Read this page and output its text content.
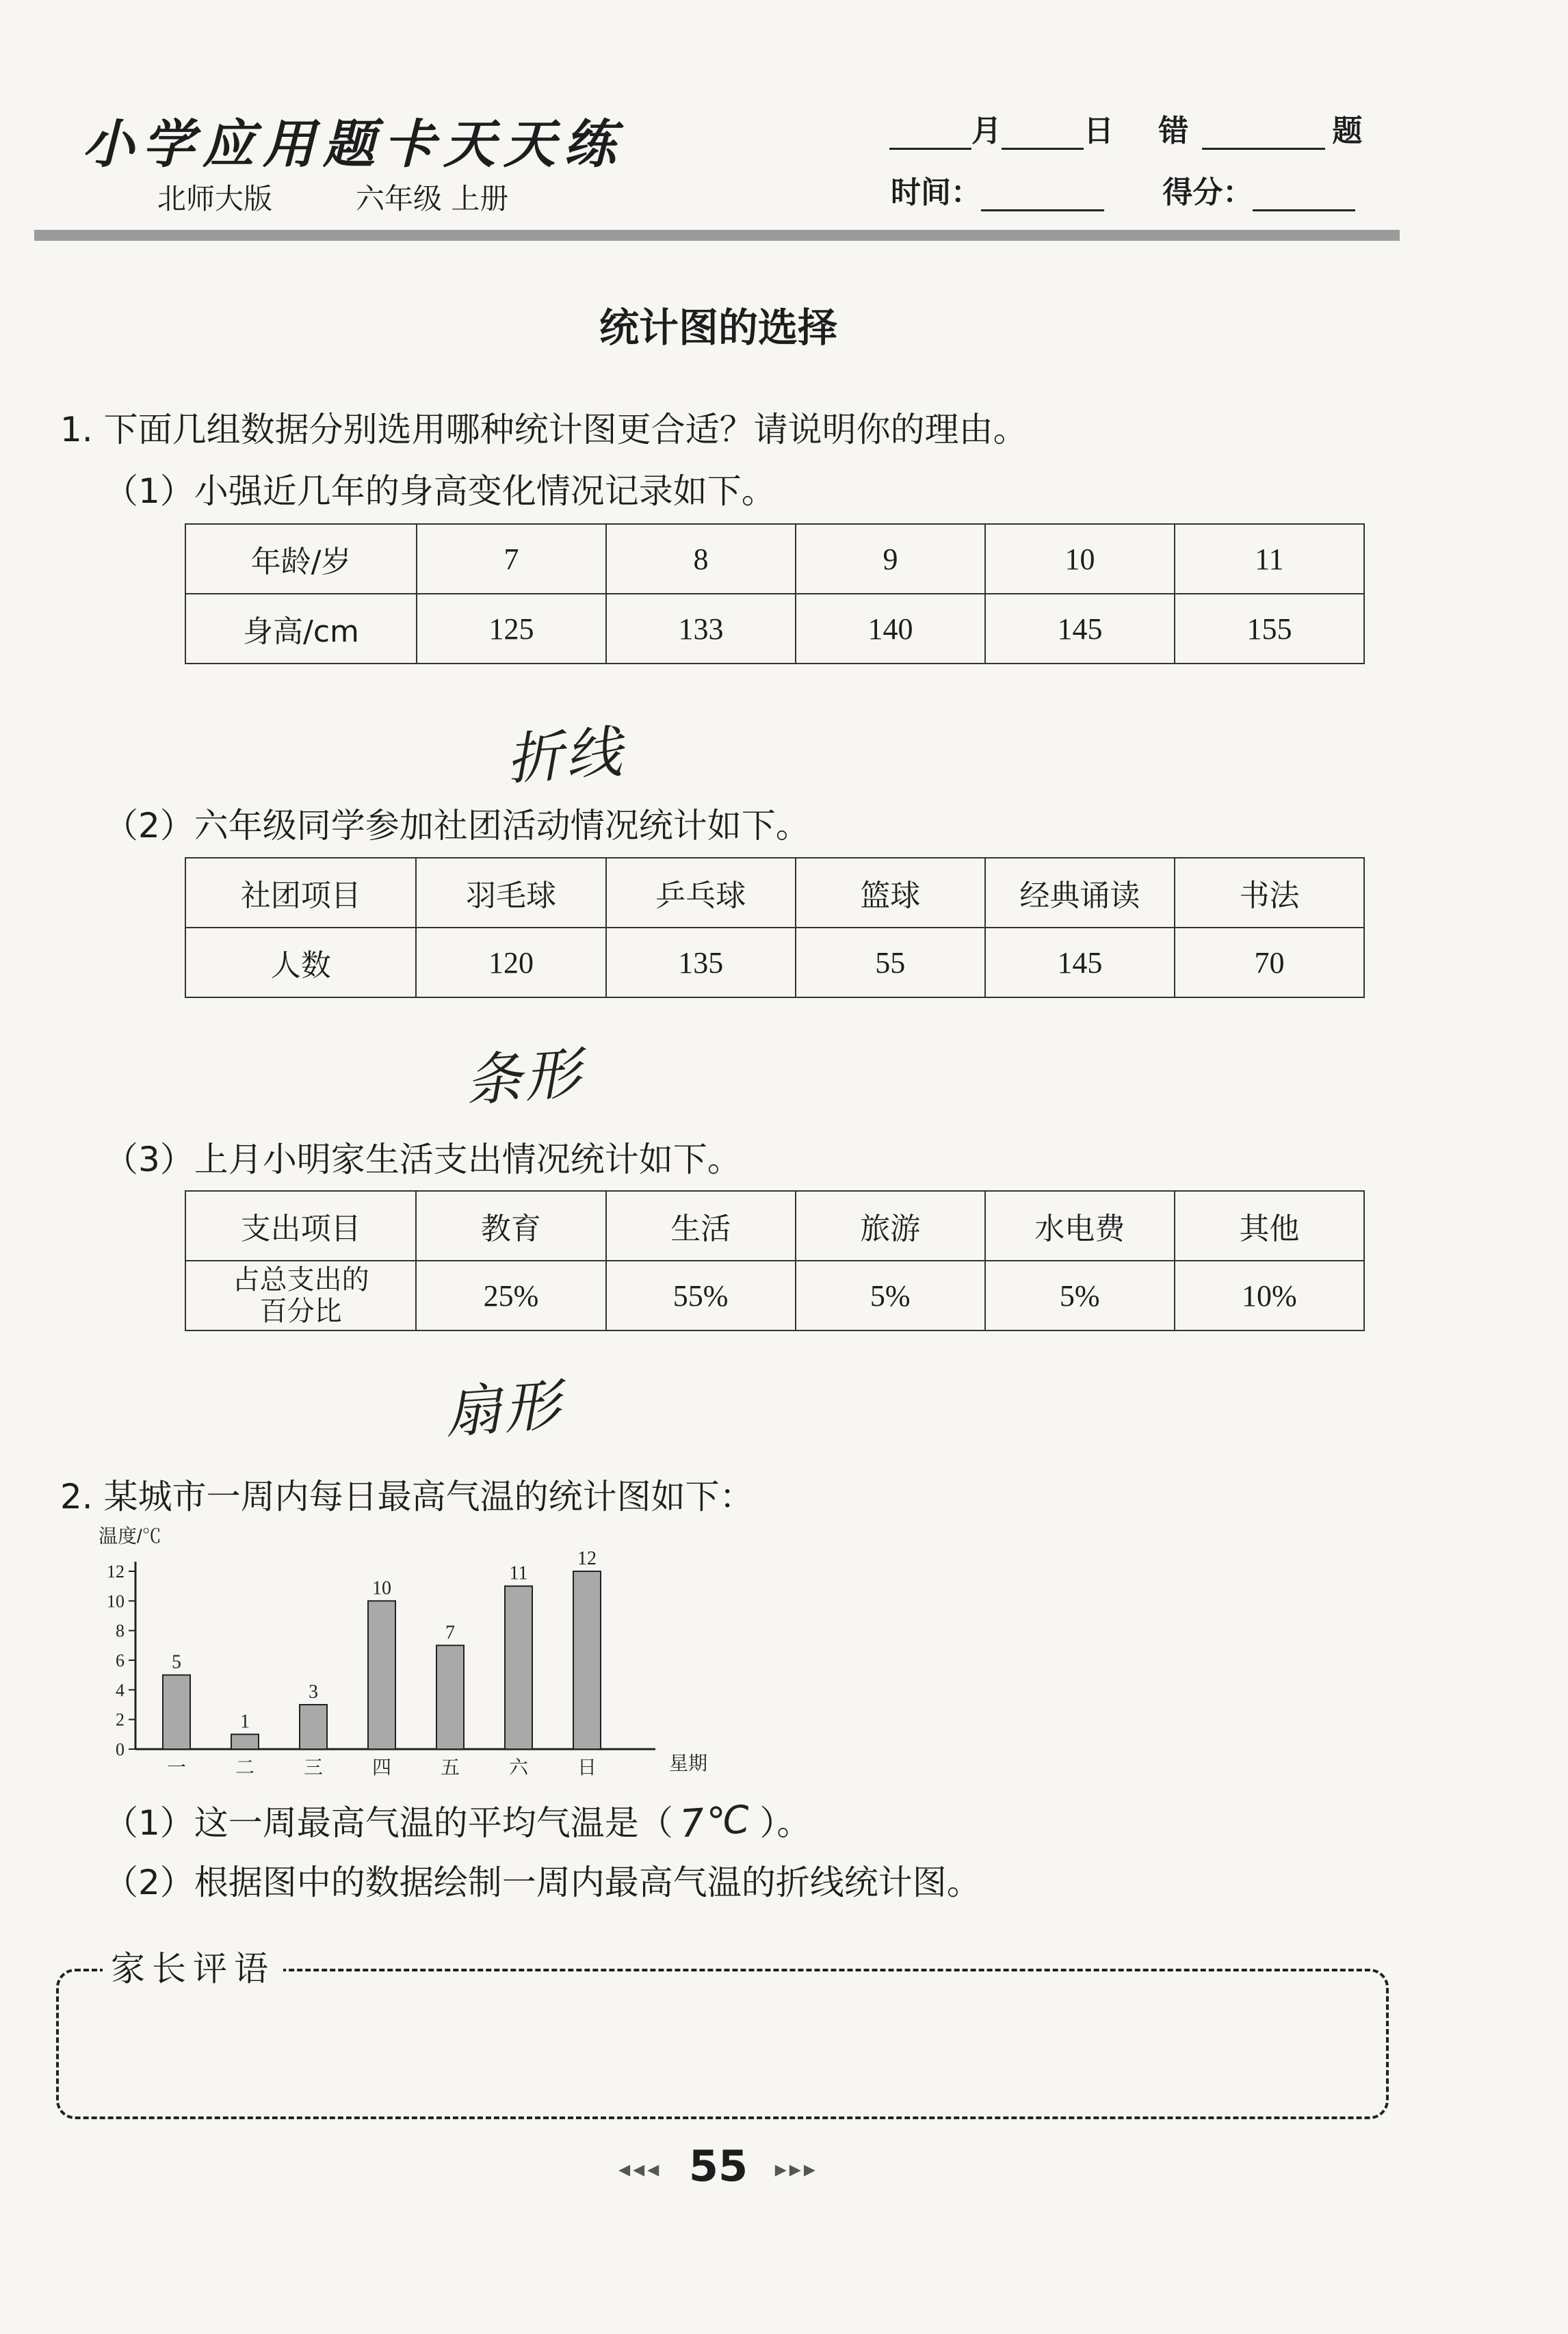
小学应用题卡天天练
北师大版	六年级 上册
月	日 错	题
时间：	得分：
统计图的选择
1. 下面几组数据分别选用哪种统计图更合适？请说明你的理由。
（1）小强近几年的身高变化情况记录如下。
年龄/岁	7	8	9	10	11
身高/cm	125	133	140	145	155
折线
（2）六年级同学参加社团活动情况统计如下。
社团项目	羽毛球	乒乓球	篮球	经典诵读	书法
人数	120	135	55	145	70
条形
（3）上月小明家生活支出情况统计如下。
支出项目	教育	生活	旅游	水电费	其他

占总支出的
百分比	25%	55%	5%	5%	10%
扇形
2. 某城市一周内每日最高气温的统计图如下：
温度/℃
0
2
4
6
8
10
12
5
1
3
10
7
11
12
一	二	三	四	五	六	日	星期
（1）这一周最高气温的平均气温是（ 7℃ ）。
（2）根据图中的数据绘制一周内最高气温的折线统计图。
家长评语
◂◂◂ 55 ▸▸▸
